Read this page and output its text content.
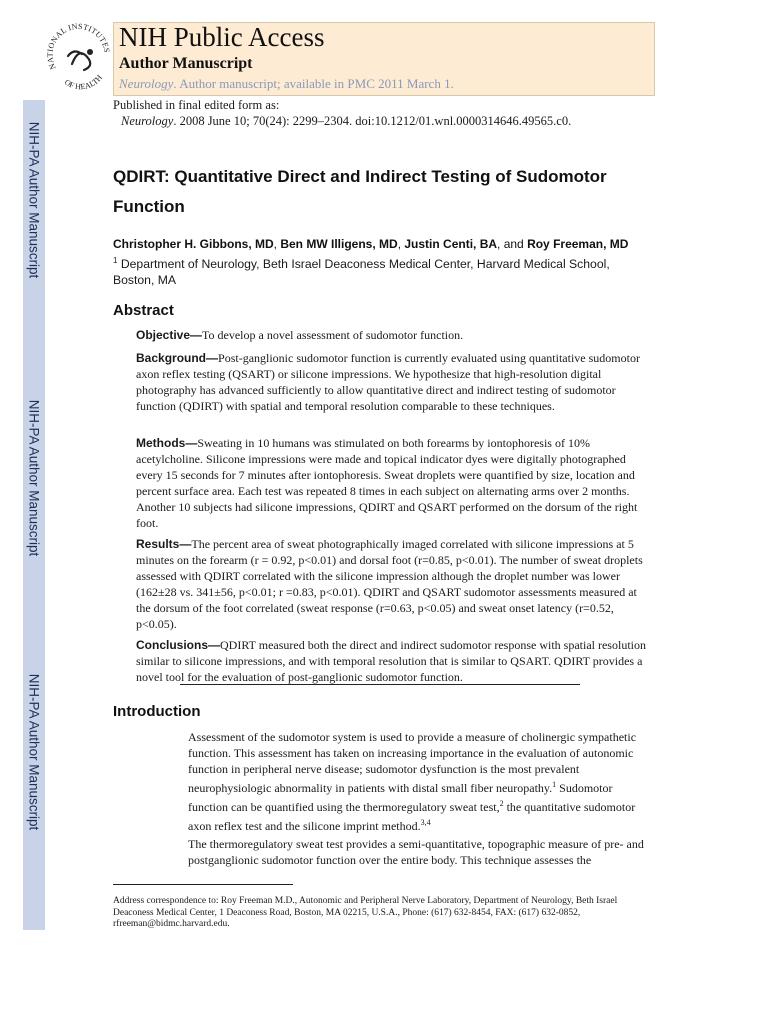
NIH-PA Author Manuscript
NIH-PA Author Manuscript
NIH-PA Author Manuscript
NATIONAL INSTITUTES
OF HEALTH
NIH Public Access
Author Manuscript
Neurology. Author manuscript; available in PMC 2011 March 1.
Published in final edited form as:
Neurology. 2008 June 10; 70(24): 2299–2304. doi:10.1212/01.wnl.0000314646.49565.c0.
QDIRT: Quantitative Direct and Indirect Testing of Sudomotor Function
Christopher H. Gibbons, MD, Ben MW Illigens, MD, Justin Centi, BA, and Roy Freeman, MD
$^1$ Department of Neurology, Beth Israel Deaconess Medical Center, Harvard Medical School, Boston, MA
Abstract
Objective—To develop a novel assessment of sudomotor function.
Background—Post-ganglionic sudomotor function is currently evaluated using quantitative sudomotor axon reflex testing (QSART) or silicone impressions. We hypothesize that high-resolution digital photography has advanced sufficiently to allow quantitative direct and indirect testing of sudomotor function (QDIRT) with spatial and temporal resolution comparable to these techniques.
Methods—Sweating in 10 humans was stimulated on both forearms by iontophoresis of 10% acetylcholine. Silicone impressions were made and topical indicator dyes were digitally photographed every 15 seconds for 7 minutes after iontophoresis. Sweat droplets were quantified by size, location and percent surface area. Each test was repeated 8 times in each subject on alternating arms over 2 months. Another 10 subjects had silicone impressions, QDIRT and QSART performed on the dorsum of the right foot.
Results—The percent area of sweat photographically imaged correlated with silicone impressions at 5 minutes on the forearm (r = 0.92, p<0.01) and dorsal foot (r=0.85, p<0.01). The number of sweat droplets assessed with QDIRT correlated with the silicone impression although the droplet number was lower (162±28 vs. 341±56, p<0.01; r =0.83, p<0.01). QDIRT and QSART sudomotor assessments measured at the dorsum of the foot correlated (sweat response (r=0.63, p<0.05) and sweat onset latency (r=0.52, p<0.05).
Conclusions—QDIRT measured both the direct and indirect sudomotor response with spatial resolution similar to silicone impressions, and with temporal resolution that is similar to QSART. QDIRT provides a novel tool for the evaluation of post-ganglionic sudomotor function.
Introduction
Assessment of the sudomotor system is used to provide a measure of cholinergic sympathetic function. This assessment has taken on increasing importance in the evaluation of autonomic function in peripheral nerve disease; sudomotor dysfunction is the most prevalent neurophysiologic abnormality in patients with distal small fiber neuropathy.$^1$ Sudomotor function can be quantified using the thermoregulatory sweat test,$^2$ the quantitative sudomotor axon reflex test and the silicone imprint method.$^{3,4}$
The thermoregulatory sweat test provides a semi-quantitative, topographic measure of pre- and postganglionic sudomotor function over the entire body. This technique assesses the
Address correspondence to: Roy Freeman M.D., Autonomic and Peripheral Nerve Laboratory, Department of Neurology, Beth Israel Deaconess Medical Center, 1 Deaconess Road, Boston, MA 02215, U.S.A., Phone: (617) 632-8454, FAX: (617) 632-0852, rfreeman@bidmc.harvard.edu.
